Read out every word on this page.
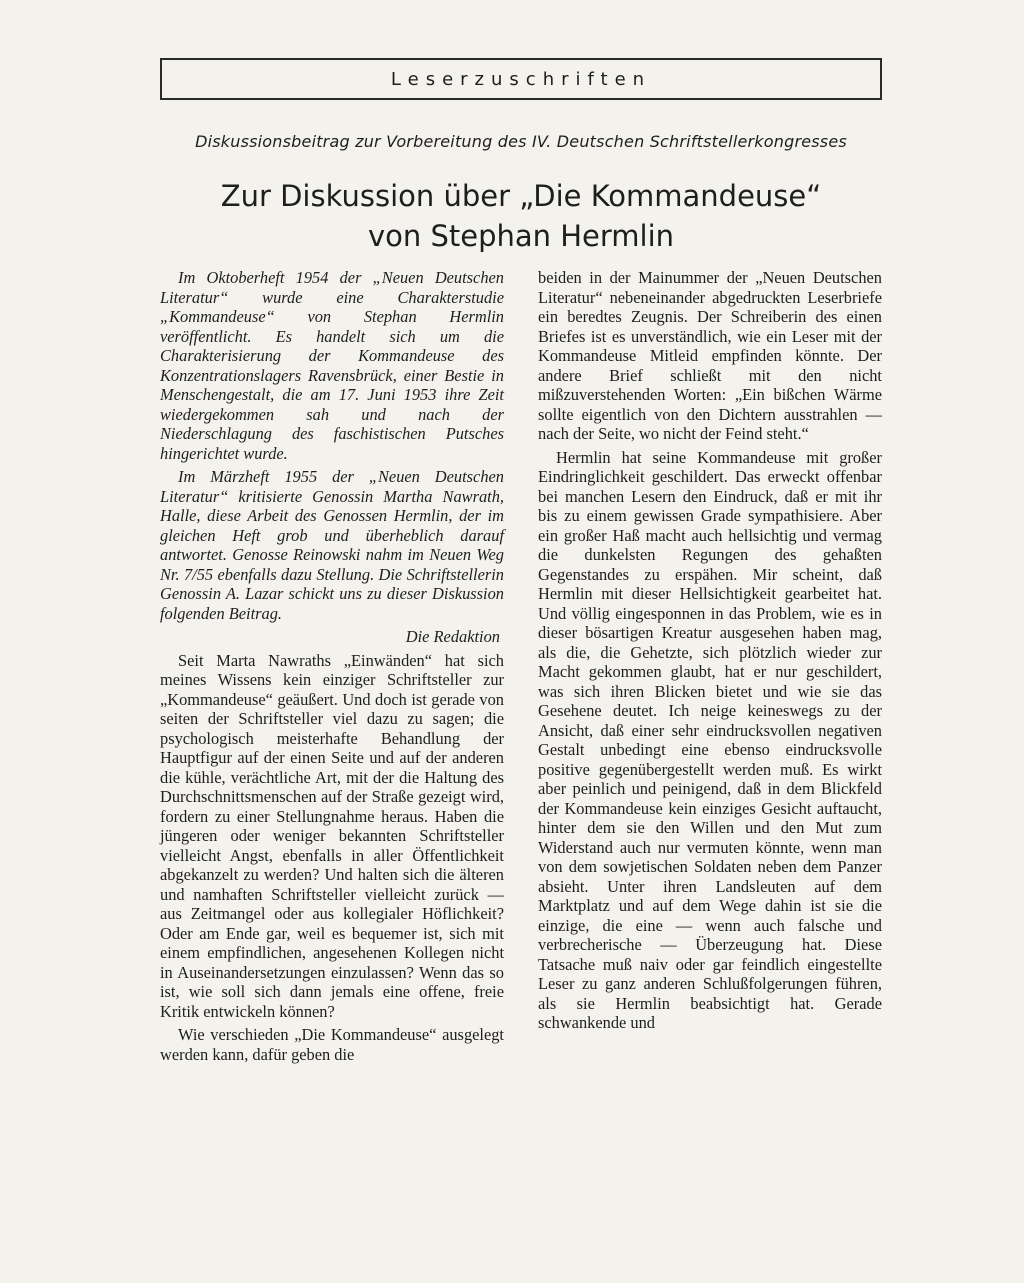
Leserzuschriften
Diskussionsbeitrag zur Vorbereitung des IV. Deutschen Schriftstellerkongresses
Zur Diskussion über „Die Kommandeuse“
von Stephan Hermlin

Im Oktoberheft 1954 der „Neuen Deutschen Literatur“ wurde eine Charakterstudie „Kommandeuse“ von Stephan Hermlin veröffentlicht. Es handelt sich um die Charakterisierung der Kommandeuse des Konzentrationslagers Ravensbrück, einer Bestie in Menschengestalt, die am 17. Juni 1953 ihre Zeit wiedergekommen sah und nach der Niederschlagung des faschistischen Putsches hingerichtet wurde.

Im Märzheft 1955 der „Neuen Deutschen Literatur“ kritisierte Genossin Martha Nawrath, Halle, diese Arbeit des Genossen Hermlin, der im gleichen Heft grob und überheblich darauf antwortet. Genosse Reinowski nahm im Neuen Weg Nr. 7/55 ebenfalls dazu Stellung. Die Schriftstellerin Genossin A. Lazar schickt uns zu dieser Diskussion folgenden Beitrag.

Die Redaktion

Seit Marta Nawraths „Einwänden“ hat sich meines Wissens kein einziger Schriftsteller zur „Kommandeuse“ geäußert. Und doch ist gerade von seiten der Schriftsteller viel dazu zu sagen; die psychologisch meisterhafte Behandlung der Hauptfigur auf der einen Seite und auf der anderen die kühle, verächtliche Art, mit der die Haltung des Durchschnittsmenschen auf der Straße gezeigt wird, fordern zu einer Stellungnahme heraus. Haben die jüngeren oder weniger bekannten Schriftsteller vielleicht Angst, ebenfalls in aller Öffentlichkeit abgekanzelt zu werden? Und halten sich die älteren und namhaften Schriftsteller vielleicht zurück — aus Zeitmangel oder aus kollegialer Höflichkeit? Oder am Ende gar, weil es bequemer ist, sich mit einem empfindlichen, angesehenen Kollegen nicht in Auseinandersetzungen einzulassen? Wenn das so ist, wie soll sich dann jemals eine offene, freie Kritik entwickeln können?

Wie verschieden „Die Kommandeuse“ ausgelegt werden kann, dafür geben die

beiden in der Mainummer der „Neuen Deutschen Literatur“ nebeneinander abgedruckten Leserbriefe ein beredtes Zeugnis. Der Schreiberin des einen Briefes ist es unverständlich, wie ein Leser mit der Kommandeuse Mitleid empfinden könnte. Der andere Brief schließt mit den nicht mißzuverstehenden Worten: „Ein bißchen Wärme sollte eigentlich von den Dichtern ausstrahlen — nach der Seite, wo nicht der Feind steht.“

Hermlin hat seine Kommandeuse mit großer Eindringlichkeit geschildert. Das erweckt offenbar bei manchen Lesern den Eindruck, daß er mit ihr bis zu einem gewissen Grade sympathisiere. Aber ein großer Haß macht auch hellsichtig und vermag die dunkelsten Regungen des gehaßten Gegenstandes zu erspähen. Mir scheint, daß Hermlin mit dieser Hellsichtigkeit gearbeitet hat. Und völlig eingesponnen in das Problem, wie es in dieser bösartigen Kreatur ausgesehen haben mag, als die, die Gehetzte, sich plötzlich wieder zur Macht gekommen glaubt, hat er nur geschildert, was sich ihren Blicken bietet und wie sie das Gesehene deutet. Ich neige keineswegs zu der Ansicht, daß einer sehr eindrucksvollen negativen Gestalt unbedingt eine ebenso eindrucksvolle positive gegenübergestellt werden muß. Es wirkt aber peinlich und peinigend, daß in dem Blickfeld der Kommandeuse kein einziges Gesicht auftaucht, hinter dem sie den Willen und den Mut zum Widerstand auch nur vermuten könnte, wenn man von dem sowjetischen Soldaten neben dem Panzer absieht. Unter ihren Landsleuten auf dem Marktplatz und auf dem Wege dahin ist sie die einzige, die eine — wenn auch falsche und verbrecherische — Überzeugung hat. Diese Tatsache muß naiv oder gar feindlich eingestellte Leser zu ganz anderen Schlußfolgerungen führen, als sie Hermlin beabsichtigt hat. Gerade schwankende und
